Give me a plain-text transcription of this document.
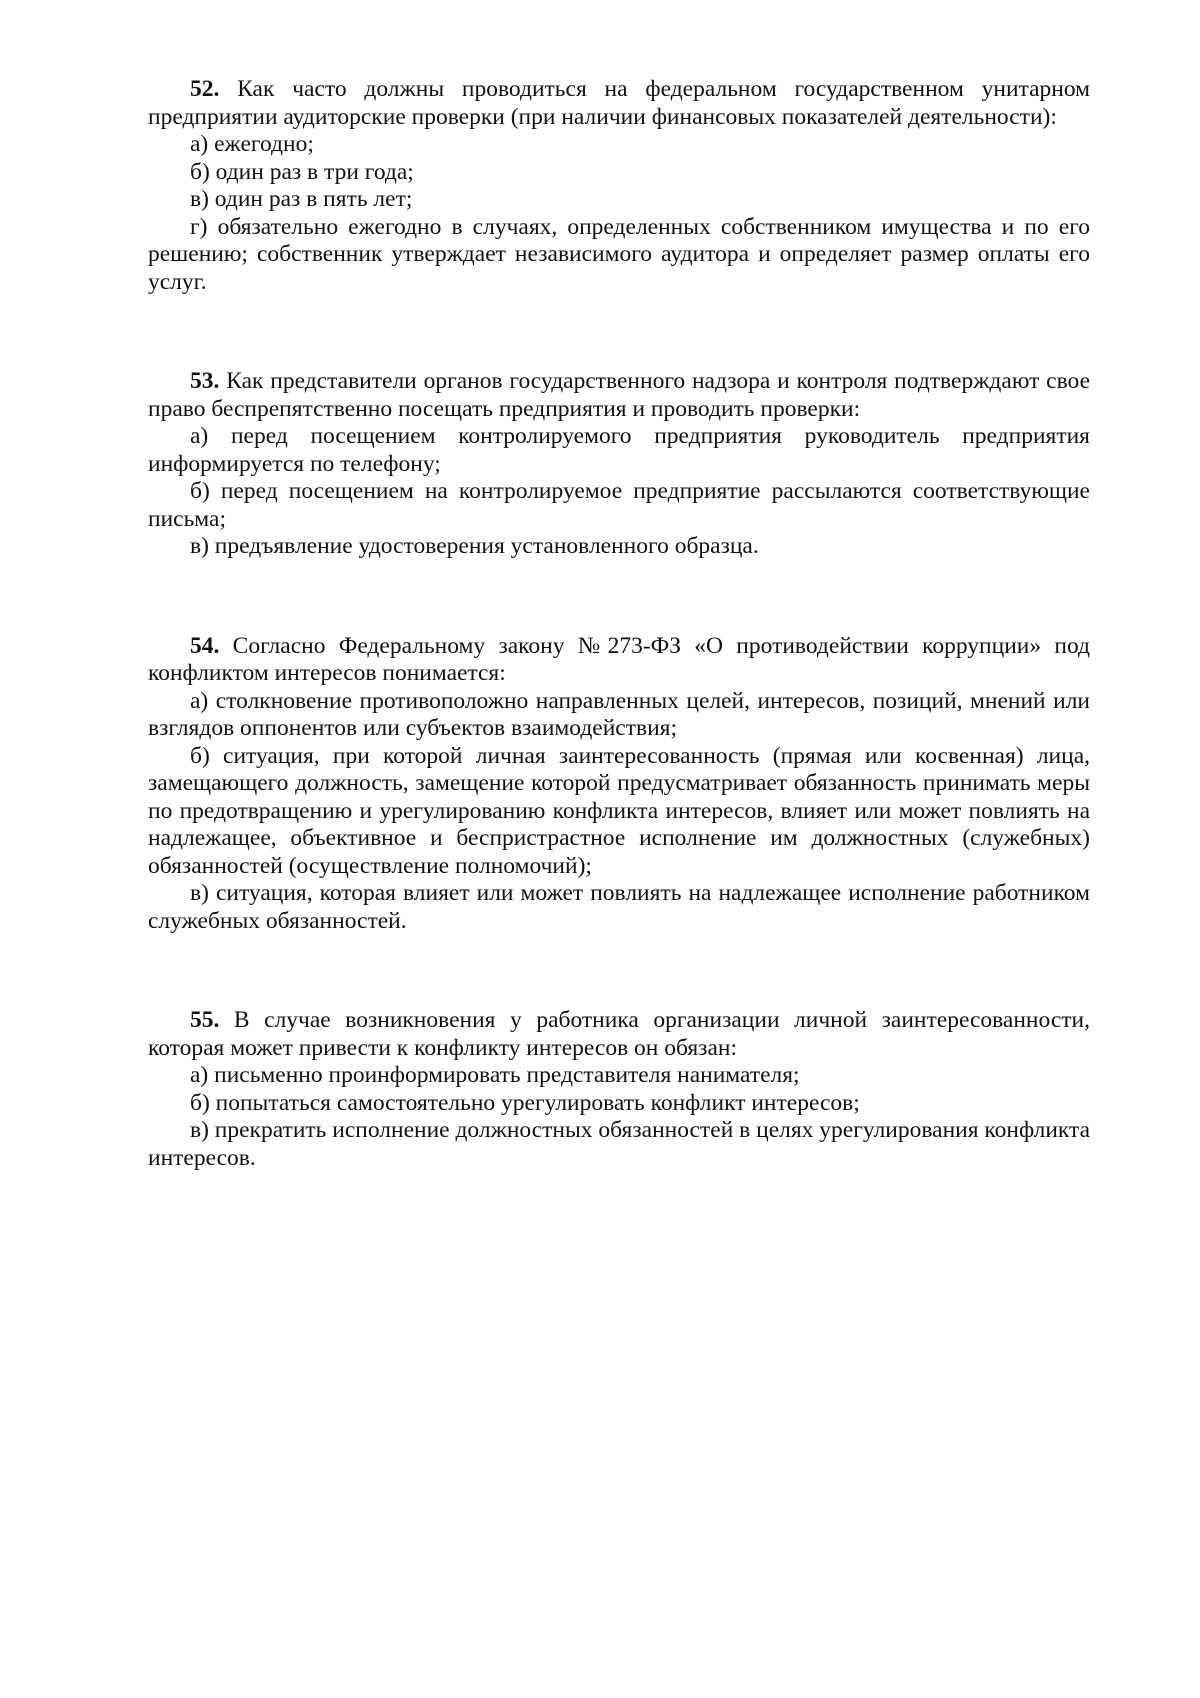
52. Как часто должны проводиться на федеральном государственном унитарном предприятии аудиторские проверки (при наличии финансовых показателей деятельности):

а) ежегодно;
б) один раз в три года;
в) один раз в пять лет;
г) обязательно ежегодно в случаях, определенных собственником имущества и по его решению; собственник утверждает независимого аудитора и определяет размер оплаты его услуг.

53. Как представители органов государственного надзора и контроля подтверждают свое право беспрепятственно посещать предприятия и проводить проверки:

а) перед посещением контролируемого предприятия руководитель предприятия информируется по телефону;
б) перед посещением на контролируемое предприятие рассылаются соответствующие письма;
в) предъявление удостоверения установленного образца.

54. Согласно Федеральному закону №273-ФЗ «О противодействии коррупции» под конфликтом интересов понимается:

а) столкновение противоположно направленных целей, интересов, позиций, мнений или взглядов оппонентов или субъектов взаимодействия;
б) ситуация, при которой личная заинтересованность (прямая или косвенная) лица, замещающего должность, замещение которой предусматривает обязанность принимать меры по предотвращению и урегулированию конфликта интересов, влияет или может повлиять на надлежащее, объективное и беспристрастное исполнение им должностных (служебных) обязанностей (осуществление полномочий);
в) ситуация, которая влияет или может повлиять на надлежащее исполнение работником служебных обязанностей.

55. В случае возникновения у работника организации личной заинтересованности, которая может привести к конфликту интересов он обязан:

а) письменно проинформировать представителя нанимателя;
б) попытаться самостоятельно урегулировать конфликт интересов;
в) прекратить исполнение должностных обязанностей в целях урегулирования конфликта интересов.
